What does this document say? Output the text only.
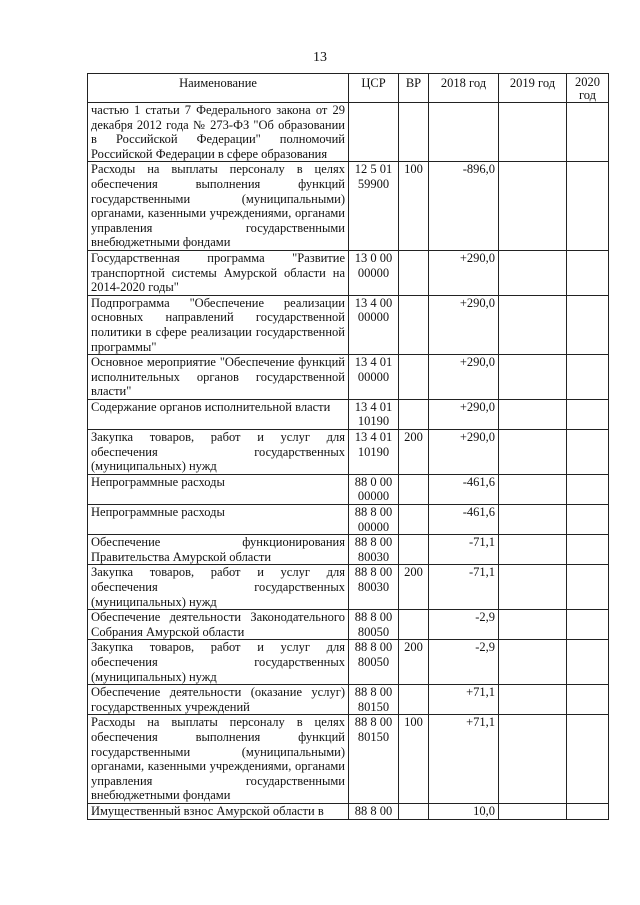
13
Наименование	ЦСР	ВР	2018 год	2019 год	2020 год
частью 1 статьи 7 Федерального закона от 29 декабря 2012 года № 273-ФЗ "Об образовании в Российской Федерации" полномочий Российской Федерации в сфере образования					
Расходы на выплаты персоналу в целях обеспечения выполнения функций государственными (муниципальными) органами, казенными учреждениями, органами управления государственными внебюджетными фондами	12 5 01 59900	100	-896,0		
Государственная программа "Развитие транспортной системы Амурской области на 2014-2020 годы"	13 0 00 00000		+290,0		
Подпрограмма "Обеспечение реализации основных направлений государственной политики в сфере реализации государственной программы"	13 4 00 00000		+290,0		
Основное мероприятие "Обеспечение функций исполнительных органов государственной власти"	13 4 01 00000		+290,0		
Содержание органов исполнительной власти	13 4 01 10190		+290,0		
Закупка товаров, работ и услуг для обеспечения государственных (муниципальных) нужд	13 4 01 10190	200	+290,0		
Непрограммные расходы	88 0 00 00000		-461,6		
Непрограммные расходы	88 8 00 00000		-461,6		
Обеспечение функционирования Правительства Амурской области	88 8 00 80030		-71,1		
Закупка товаров, работ и услуг для обеспечения государственных (муниципальных) нужд	88 8 00 80030	200	-71,1		
Обеспечение деятельности Законодательного Собрания Амурской области	88 8 00 80050		-2,9		
Закупка товаров, работ и услуг для обеспечения государственных (муниципальных) нужд	88 8 00 80050	200	-2,9		
Обеспечение деятельности (оказание услуг) государственных учреждений	88 8 00 80150		+71,1		
Расходы на выплаты персоналу в целях обеспечения выполнения функций государственными (муниципальными) органами, казенными учреждениями, органами управления государственными внебюджетными фондами	88 8 00 80150	100	+71,1		
Имущественный взнос Амурской области в	88 8 00		10,0		
